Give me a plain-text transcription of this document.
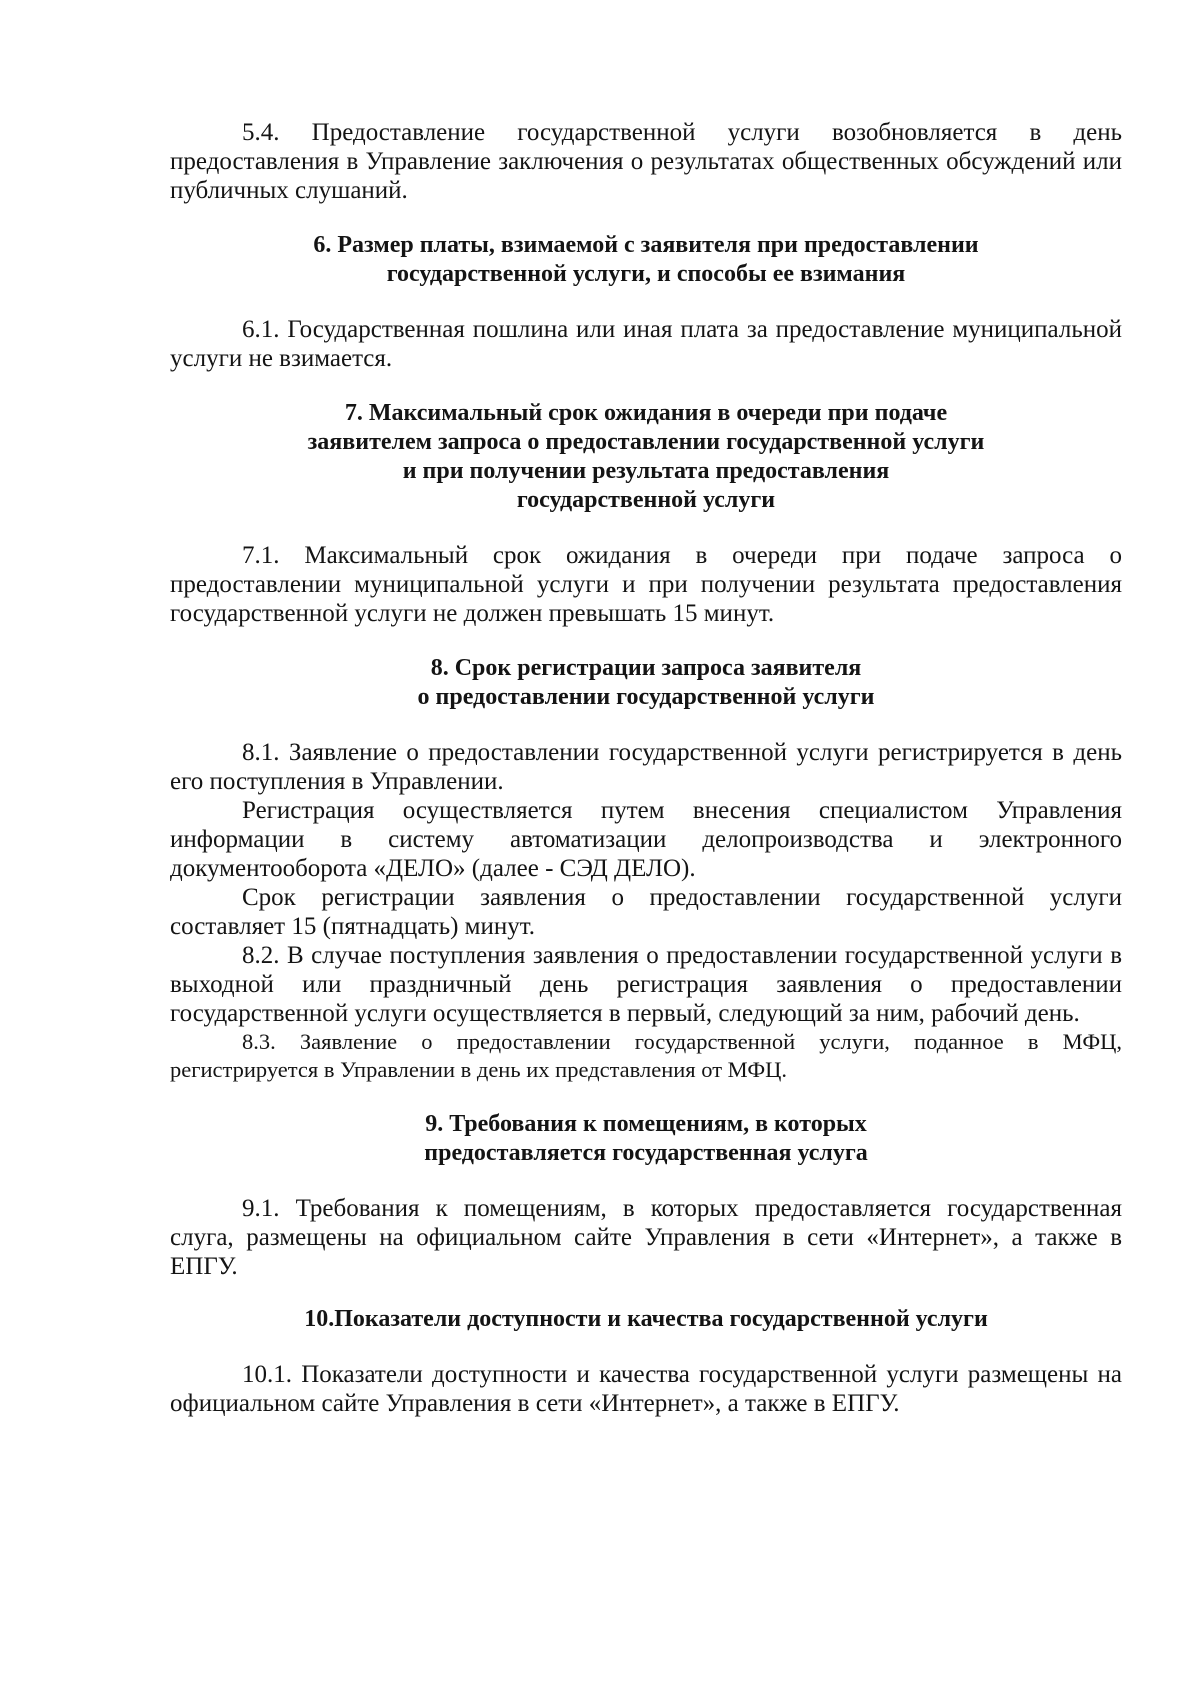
5.4. Предоставление государственной услуги возобновляется в день предоставления в Управление заключения о результатах общественных обсуждений или публичных слушаний.

6. Размер платы, взимаемой с заявителя при предоставлении
государственной услуги, и способы ее взимания

6.1. Государственная пошлина или иная плата за предоставление муниципальной услуги не взимается.

7. Максимальный срок ожидания в очереди при подаче
заявителем запроса о предоставлении государственной услуги
и при получении результата предоставления
государственной услуги

7.1. Максимальный срок ожидания в очереди при подаче запроса о предоставлении муниципальной услуги и при получении результата предоставления государственной услуги не должен превышать 15 минут.

8. Срок регистрации запроса заявителя
о предоставлении государственной услуги

8.1. Заявление о предоставлении государственной услуги регистрируется в день его поступления в Управлении.

Регистрация осуществляется путем внесения специалистом Управления информации в систему автоматизации делопроизводства и электронного документооборота «ДЕЛО» (далее - СЭД ДЕЛО).

Срок регистрации заявления о предоставлении государственной услуги составляет 15 (пятнадцать) минут.

8.2. В случае поступления заявления о предоставлении государственной услуги в выходной или праздничный день регистрация заявления о предоставлении государственной услуги осуществляется в первый, следующий за ним, рабочий день.

8.3. Заявление о предоставлении государственной услуги, поданное в МФЦ, регистрируется в Управлении в день их представления от МФЦ.

9. Требования к помещениям, в которых
предоставляется государственная услуга

9.1. Требования к помещениям, в которых предоставляется государственная слуга, размещены на официальном сайте Управления в сети «Интернет», а также в ЕПГУ.

10.Показатели доступности и качества государственной услуги

10.1. Показатели доступности и качества государственной услуги размещены на официальном сайте Управления в сети «Интернет», а также в ЕПГУ.
